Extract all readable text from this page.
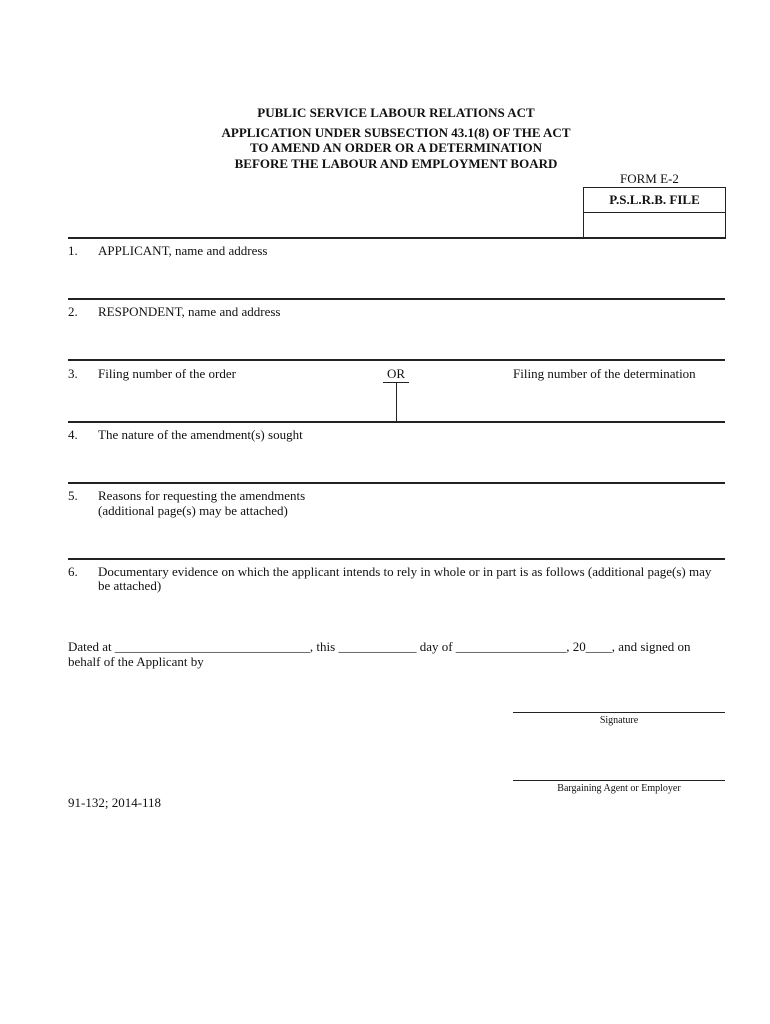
PUBLIC SERVICE LABOUR RELATIONS ACT
APPLICATION UNDER SUBSECTION 43.1(8) OF THE ACT
TO AMEND AN ORDER OR A DETERMINATION
BEFORE THE LABOUR AND EMPLOYMENT BOARD
FORM E-2
P.S.L.R.B. FILE
1. APPLICANT, name and address
2. RESPONDENT, name and address
3. Filing number of the order	OR	Filing number of the determination
4. The nature of the amendment(s) sought
5. Reasons for requesting the amendments
(additional page(s) may be attached)
6. Documentary evidence on which the applicant intends to rely in whole or in part is as follows (additional page(s) may
be attached)
Dated at ______________________________, this ____________ day of _________________, 20____, and signed on
behalf of the Applicant by
Signature
Bargaining Agent or Employer
91-132; 2014-118
